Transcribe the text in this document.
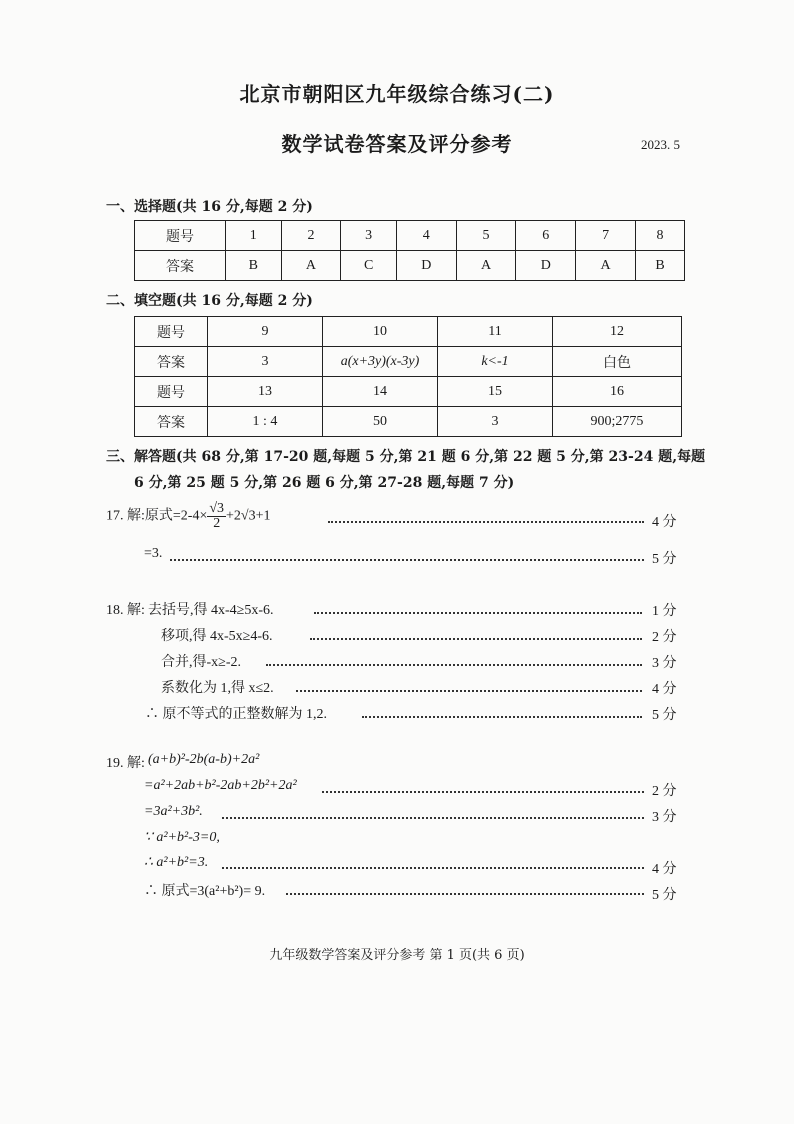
北京市朝阳区九年级综合练习(二)
数学试卷答案及评分参考	2023. 5
一、选择题(共 16 分,每题 2 分)
题号	1	2	3	4	5	6	7	8
答案	B	A	C	D	A	D	A	B
二、填空题(共 16 分,每题 2 分)
题号	9	10	11	12
答案	3	a(x+3y)(x-3y)	k<-1	白色
题号	13	14	15	16
答案	1 : 4	50	3	900;2775
三、解答题(共 68 分,第 17-20 题,每题 5 分,第 21 题 6 分,第 22 题 5 分,第 23-24 题,每题
6 分,第 25 题 5 分,第 26 题 6 分,第 27-28 题,每题 7 分)
17. 解:原式$=2-4\times \frac{√3}{2} +2√3+1$	4 分
=3.	5 分
18. 解: 去括号,得 4x-4≥5x-6.	1 分
移项,得 4x-5x≥4-6.	2 分
合并,得-x≥-2.	3 分
系数化为 1,得 x≤2.	4 分
∴ 原不等式的正整数解为 1,2.	5 分
19. 解: (a+b)²-2b(a-b)+2a²
=a²+2ab+b²-2ab+2b²+2a²	2 分
=3a²+3b².	3 分
∵ a²+b²-3=0,
∴ a²+b²=3.	4 分
∴ 原式=3(a²+b²)= 9.	5 分
九年级数学答案及评分参考 第 1 页(共 6 页)
